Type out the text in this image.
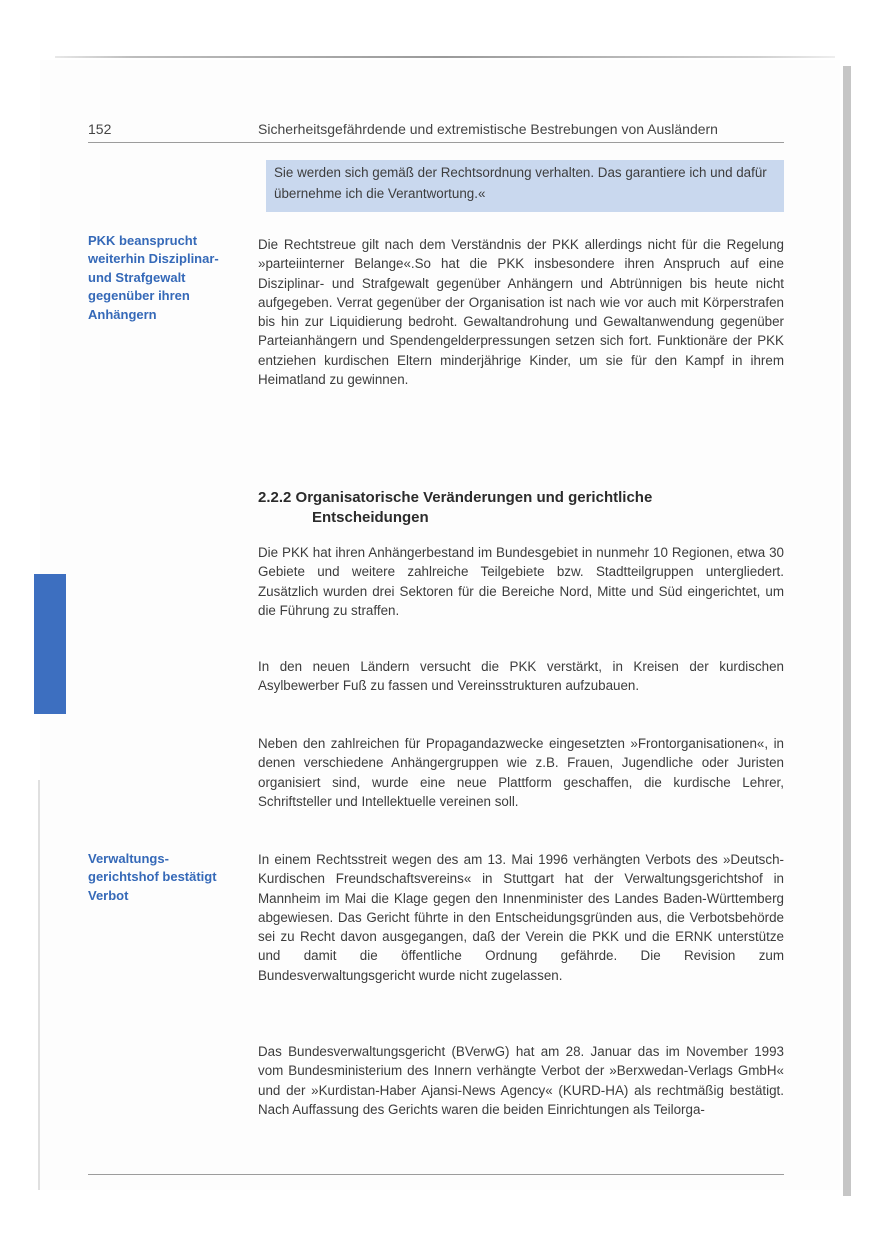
152	Sicherheitsgefährdende und extremistische Bestrebungen von Ausländern
Sie werden sich gemäß der Rechtsordnung verhalten. Das garantiere ich und dafür übernehme ich die Verantwortung.«
PKK beansprucht weiterhin Disziplinar- und Strafgewalt gegenüber ihren Anhängern
Verwaltungs-gerichtshof bestätigt Verbot
Die Rechtstreue gilt nach dem Verständnis der PKK allerdings nicht für die Regelung »parteiinterner Belange«.So hat die PKK insbesondere ihren Anspruch auf eine Disziplinar- und Strafgewalt gegenüber Anhängern und Abtrünnigen bis heute nicht aufgegeben. Verrat gegenüber der Organisation ist nach wie vor auch mit Körperstrafen bis hin zur Liquidierung bedroht. Gewaltandrohung und Gewaltanwendung gegenüber Parteianhängern und Spendengelderpressungen setzen sich fort. Funktionäre der PKK entziehen kurdischen Eltern minderjährige Kinder, um sie für den Kampf in ihrem Heimatland zu gewinnen.
2.2.2 Organisatorische Veränderungen und gerichtliche
Entscheidungen
Die PKK hat ihren Anhängerbestand im Bundesgebiet in nunmehr 10 Regionen, etwa 30 Gebiete und weitere zahlreiche Teilgebiete bzw. Stadtteilgruppen untergliedert. Zusätzlich wurden drei Sektoren für die Bereiche Nord, Mitte und Süd eingerichtet, um die Führung zu straffen.
In den neuen Ländern versucht die PKK verstärkt, in Kreisen der kurdischen Asylbewerber Fuß zu fassen und Vereinsstrukturen aufzubauen.
Neben den zahlreichen für Propagandazwecke eingesetzten »Frontorganisationen«, in denen verschiedene Anhängergruppen wie z.B. Frauen, Jugendliche oder Juristen organisiert sind, wurde eine neue Plattform geschaffen, die kurdische Lehrer, Schriftsteller und Intellektuelle vereinen soll.
In einem Rechtsstreit wegen des am 13. Mai 1996 verhängten Verbots des »Deutsch-Kurdischen Freundschaftsvereins« in Stuttgart hat der Verwaltungsgerichtshof in Mannheim im Mai die Klage gegen den Innenminister des Landes Baden-Württemberg abgewiesen. Das Gericht führte in den Entscheidungsgründen aus, die Verbotsbehörde sei zu Recht davon ausgegangen, daß der Verein die PKK und die ERNK unterstütze und damit die öffentliche Ordnung gefährde. Die Revision zum Bundesverwaltungsgericht wurde nicht zugelassen.
Das Bundesverwaltungsgericht (BVerwG) hat am 28. Januar das im November 1993 vom Bundesministerium des Innern verhängte Verbot der »Berxwedan-Verlags GmbH« und der »Kurdistan-Haber Ajansi-News Agency« (KURD-HA) als rechtmäßig bestätigt. Nach Auffassung des Gerichts waren die beiden Einrichtungen als Teilorga-
